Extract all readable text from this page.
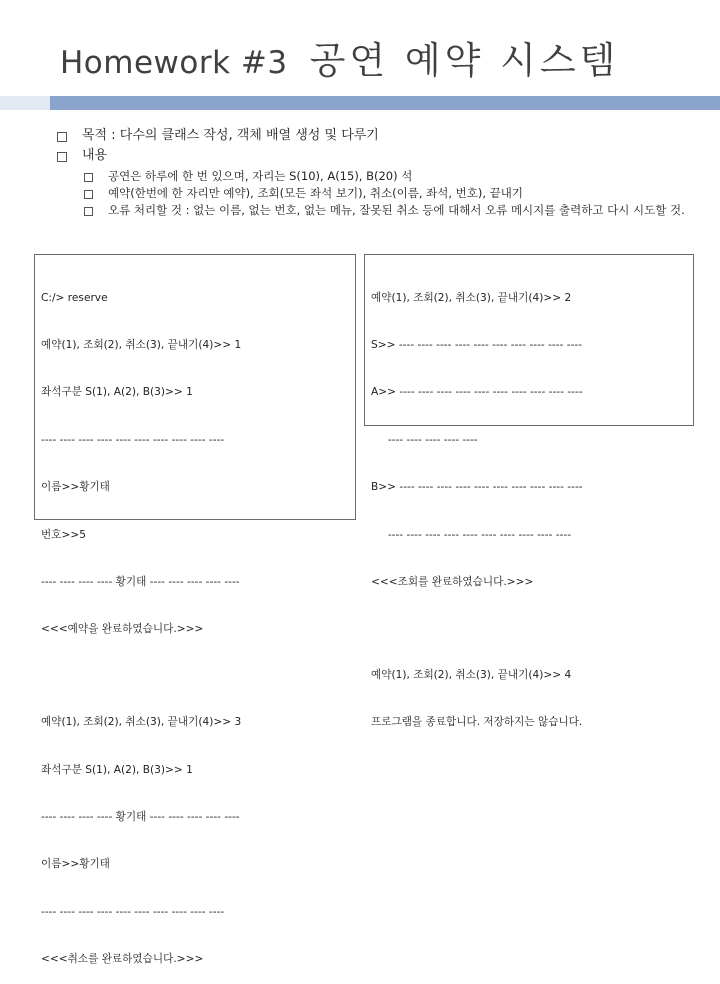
Homework #3 공연 예약 시스템
목적 : 다수의 클래스 작성, 객체 배열 생성 및 다루기
내용
공연은 하루에 한 번 있으며, 자리는 S(10), A(15), B(20) 석
예약(한번에 한 자리만 예약), 조회(모든 좌석 보기), 취소(이름, 좌석, 번호), 끝내기
오류 처리할 것 : 없는 이름, 없는 번호, 없는 메뉴, 잘못된 취소 등에 대해서 오류 메시지를 출력하고 다시 시도할 것.

C:/> reserve

예약(1), 조회(2), 취소(3), 끝내기(4)>> 1

좌석구분 S(1), A(2), B(3)>> 1

---- ---- ---- ---- ---- ---- ---- ---- ---- ----

이름>>황기태

번호>>5

---- ---- ---- ---- 황기태 ---- ---- ---- ---- ----

<<<예약을 완료하였습니다.>>>

예약(1), 조회(2), 취소(3), 끝내기(4)>> 3

좌석구분 S(1), A(2), B(3)>> 1

---- ---- ---- ---- 황기태 ---- ---- ---- ---- ----

이름>>황기태

---- ---- ---- ---- ---- ---- ---- ---- ---- ----

<<<취소를 완료하였습니다.>>>

예약(1), 조회(2), 취소(3), 끝내기(4)>> 2

S>> ---- ---- ---- ---- ---- ---- ---- ---- ---- ----

A>> ---- ---- ---- ---- ---- ---- ---- ---- ---- ----

---- ---- ---- ---- ----

B>> ---- ---- ---- ---- ---- ---- ---- ---- ---- ----

---- ---- ---- ---- ---- ---- ---- ---- ---- ----

<<<조회를 완료하였습니다.>>>

예약(1), 조회(2), 취소(3), 끝내기(4)>> 4

프로그램을 종료합니다. 저장하지는 않습니다.
